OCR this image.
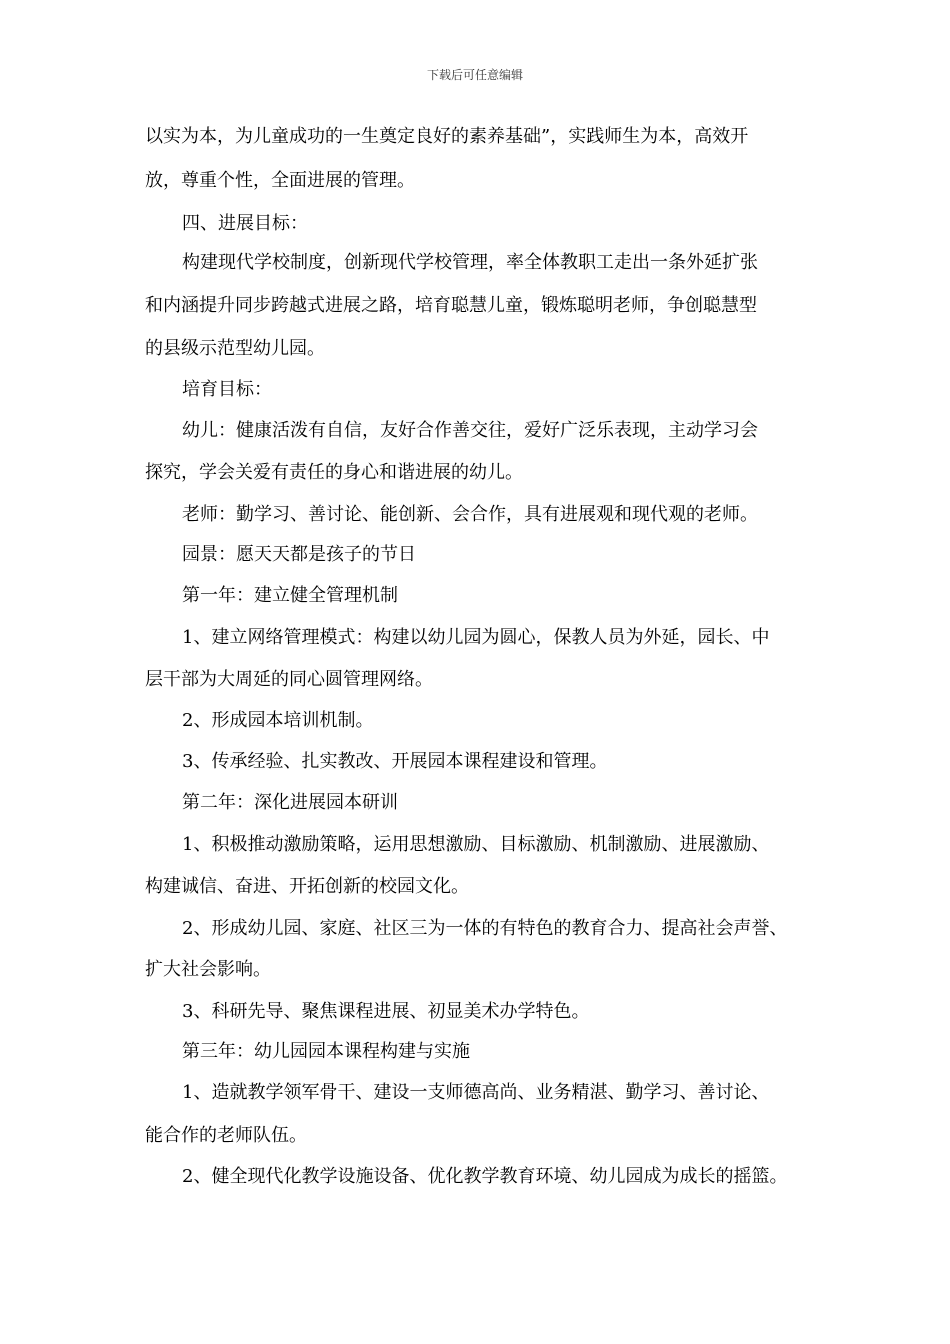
下载后可任意编辑
以实为本，为儿童成功的一生奠定良好的素养基础”，实践师生为本，高效开
放，尊重个性，全面进展的管理。
四、进展目标：
构建现代学校制度，创新现代学校管理，率全体教职工走出一条外延扩张
和内涵提升同步跨越式进展之路，培育聪慧儿童，锻炼聪明老师，争创聪慧型
的县级示范型幼儿园。
培育目标：
幼儿：健康活泼有自信，友好合作善交往，爱好广泛乐表现，主动学习会
探究，学会关爱有责任的身心和谐进展的幼儿。
老师：勤学习、善讨论、能创新、会合作，具有进展观和现代观的老师。
园景：愿天天都是孩子的节日
第一年：建立健全管理机制
1、建立网络管理模式：构建以幼儿园为圆心，保教人员为外延，园长、中
层干部为大周延的同心圆管理网络。
2、形成园本培训机制。
3、传承经验、扎实教改、开展园本课程建设和管理。
第二年：深化进展园本研训
1、积极推动激励策略，运用思想激励、目标激励、机制激励、进展激励、
构建诚信、奋进、开拓创新的校园文化。
2、形成幼儿园、家庭、社区三为一体的有特色的教育合力、提高社会声誉、
扩大社会影响。
3、科研先导、聚焦课程进展、初显美术办学特色。
第三年：幼儿园园本课程构建与实施
1、造就教学领军骨干、建设一支师德高尚、业务精湛、勤学习、善讨论、
能合作的老师队伍。
2、健全现代化教学设施设备、优化教学教育环境、幼儿园成为成长的摇篮。
